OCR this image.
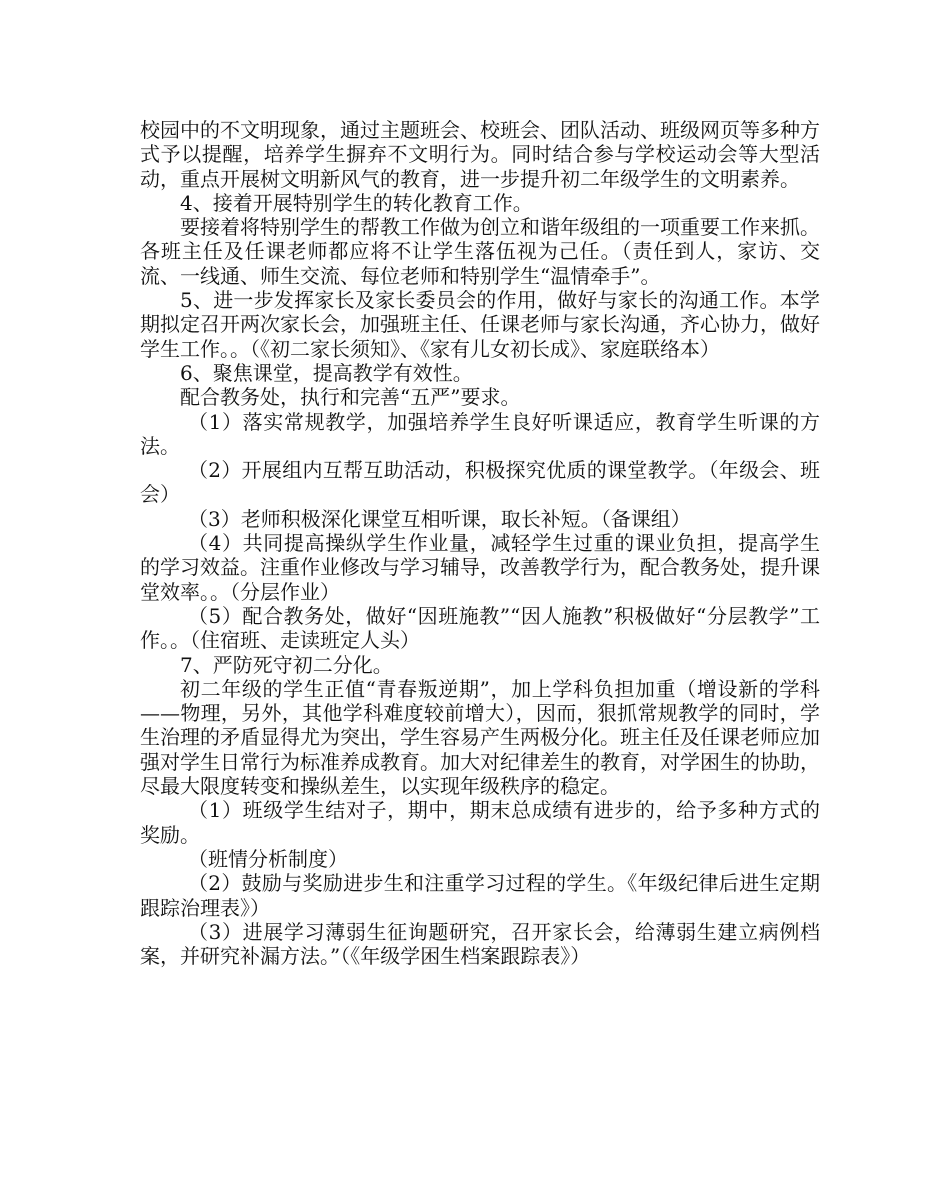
校园中的不文明现象，通过主题班会、校班会、团队活动、班级网页等多种方式予以提醒，培养学生摒弃不文明行为。同时结合参与学校运动会等大型活动，重点开展树文明新风气的教育，进一步提升初二年级学生的文明素养。

4、接着开展特别学生的转化教育工作。

要接着将特别学生的帮教工作做为创立和谐年级组的一项重要工作来抓。各班主任及任课老师都应将不让学生落伍视为己任。（责任到人，家访、交流、一线通、师生交流、每位老师和特别学生“温情牵手”。

5、进一步发挥家长及家长委员会的作用，做好与家长的沟通工作。本学期拟定召开两次家长会，加强班主任、任课老师与家长沟通，齐心协力，做好学生工作。。（《初二家长须知》、《家有儿女初长成》、家庭联络本）

6、聚焦课堂，提高教学有效性。

配合教务处，执行和完善“五严”要求。

（1）落实常规教学，加强培养学生良好听课适应，教育学生听课的方法。

（2）开展组内互帮互助活动，积极探究优质的课堂教学。（年级会、班会）

（3）老师积极深化课堂互相听课，取长补短。（备课组）

（4）共同提高操纵学生作业量，减轻学生过重的课业负担，提高学生的学习效益。注重作业修改与学习辅导，改善教学行为，配合教务处，提升课堂效率。。（分层作业）

（5）配合教务处，做好“因班施教”“因人施教”积极做好“分层教学”工作。。（住宿班、走读班定人头）

7、严防死守初二分化。

初二年级的学生正值“青春叛逆期”，加上学科负担加重（增设新的学科——物理，另外，其他学科难度较前增大），因而，狠抓常规教学的同时，学生治理的矛盾显得尤为突出，学生容易产生两极分化。班主任及任课老师应加强对学生日常行为标准养成教育。加大对纪律差生的教育，对学困生的协助，尽最大限度转变和操纵差生，以实现年级秩序的稳定。

（1）班级学生结对子，期中，期末总成绩有进步的，给予多种方式的奖励。

（班情分析制度）

（2）鼓励与奖励进步生和注重学习过程的学生。《年级纪律后进生定期跟踪治理表》）

（3）进展学习薄弱生征询题研究，召开家长会，给薄弱生建立病例档案，并研究补漏方法。”（《年级学困生档案跟踪表》）
